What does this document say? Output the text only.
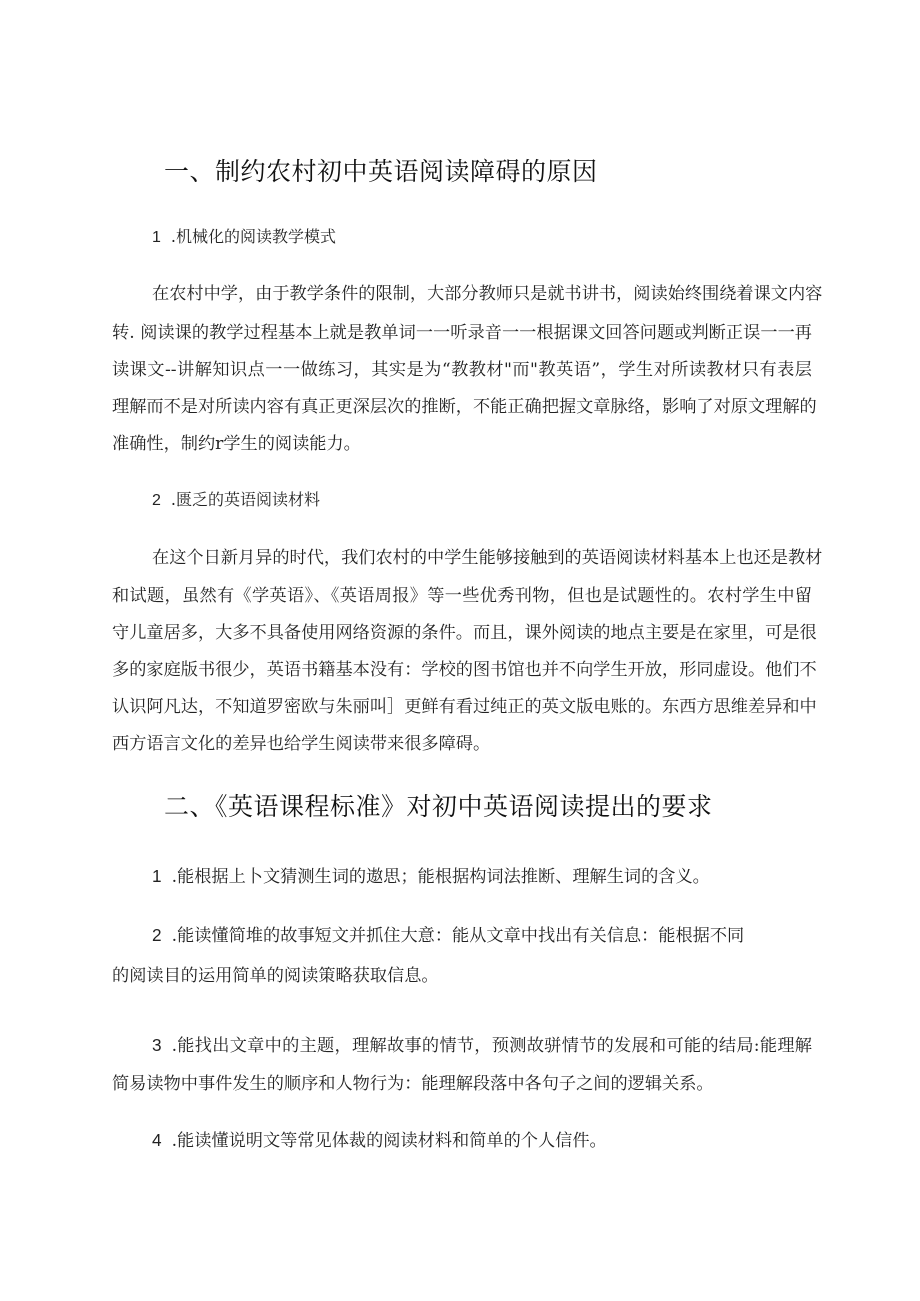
一、制约农村初中英语阅读障碍的原因
1 .机械化的阅读教学模式
在农村中学，由于教学条件的限制，大部分教师只是就书讲书，阅读始终围绕着课文内容
转. 阅读课的教学过程基本上就是教单词一一听录音一一根据课文回答问题或判断正误一一再
读课文--讲解知识点一一做练习，其实是为“教教材"而"教英语”，学生对所读教材只有表层
理解而不是对所读内容有真正更深层次的推断，不能正确把握文章脉络，影响了对原文理解的
准确性，制约r学生的阅读能力。
2 .匮乏的英语阅读材料
在这个日新月异的时代，我们农村的中学生能够接触到的英语阅读材料基本上也还是教材
和试题，虽然有《学英语》、《英语周报》等一些优秀刊物，但也是试题性的。农村学生中留
守儿童居多，大多不具备使用网络资源的条件。而且，课外阅读的地点主要是在家里，可是很
多的家庭版书很少，英语书籍基本没有：学校的图书馆也并不向学生开放，形同虚设。他们不
认识阿凡达，不知道罗密欧与朱丽叫］更鲜有看过纯正的英文版电账的。东西方思维差异和中
西方语言文化的差异也给学生阅读带来很多障碍。
二、《英语课程标准》对初中英语阅读提出的要求
1 .能根据上卜文猜测生词的遨思；能根据构词法推断、理解生词的含义。
2 .能读懂简堆的故事短文并抓住大意：能从文章中找出有关信息：能根据不同
的阅读目的运用简单的阅读策略获取信息。
3 .能找出文章中的主题，理解故事的情节，预测故骈情节的发展和可能的结局:能理解
简易读物中事件发生的顺序和人物行为：能理解段落中各句子之间的逻辑关系。
4 .能读懂说明文等常见体裁的阅读材料和简单的个人信件。
